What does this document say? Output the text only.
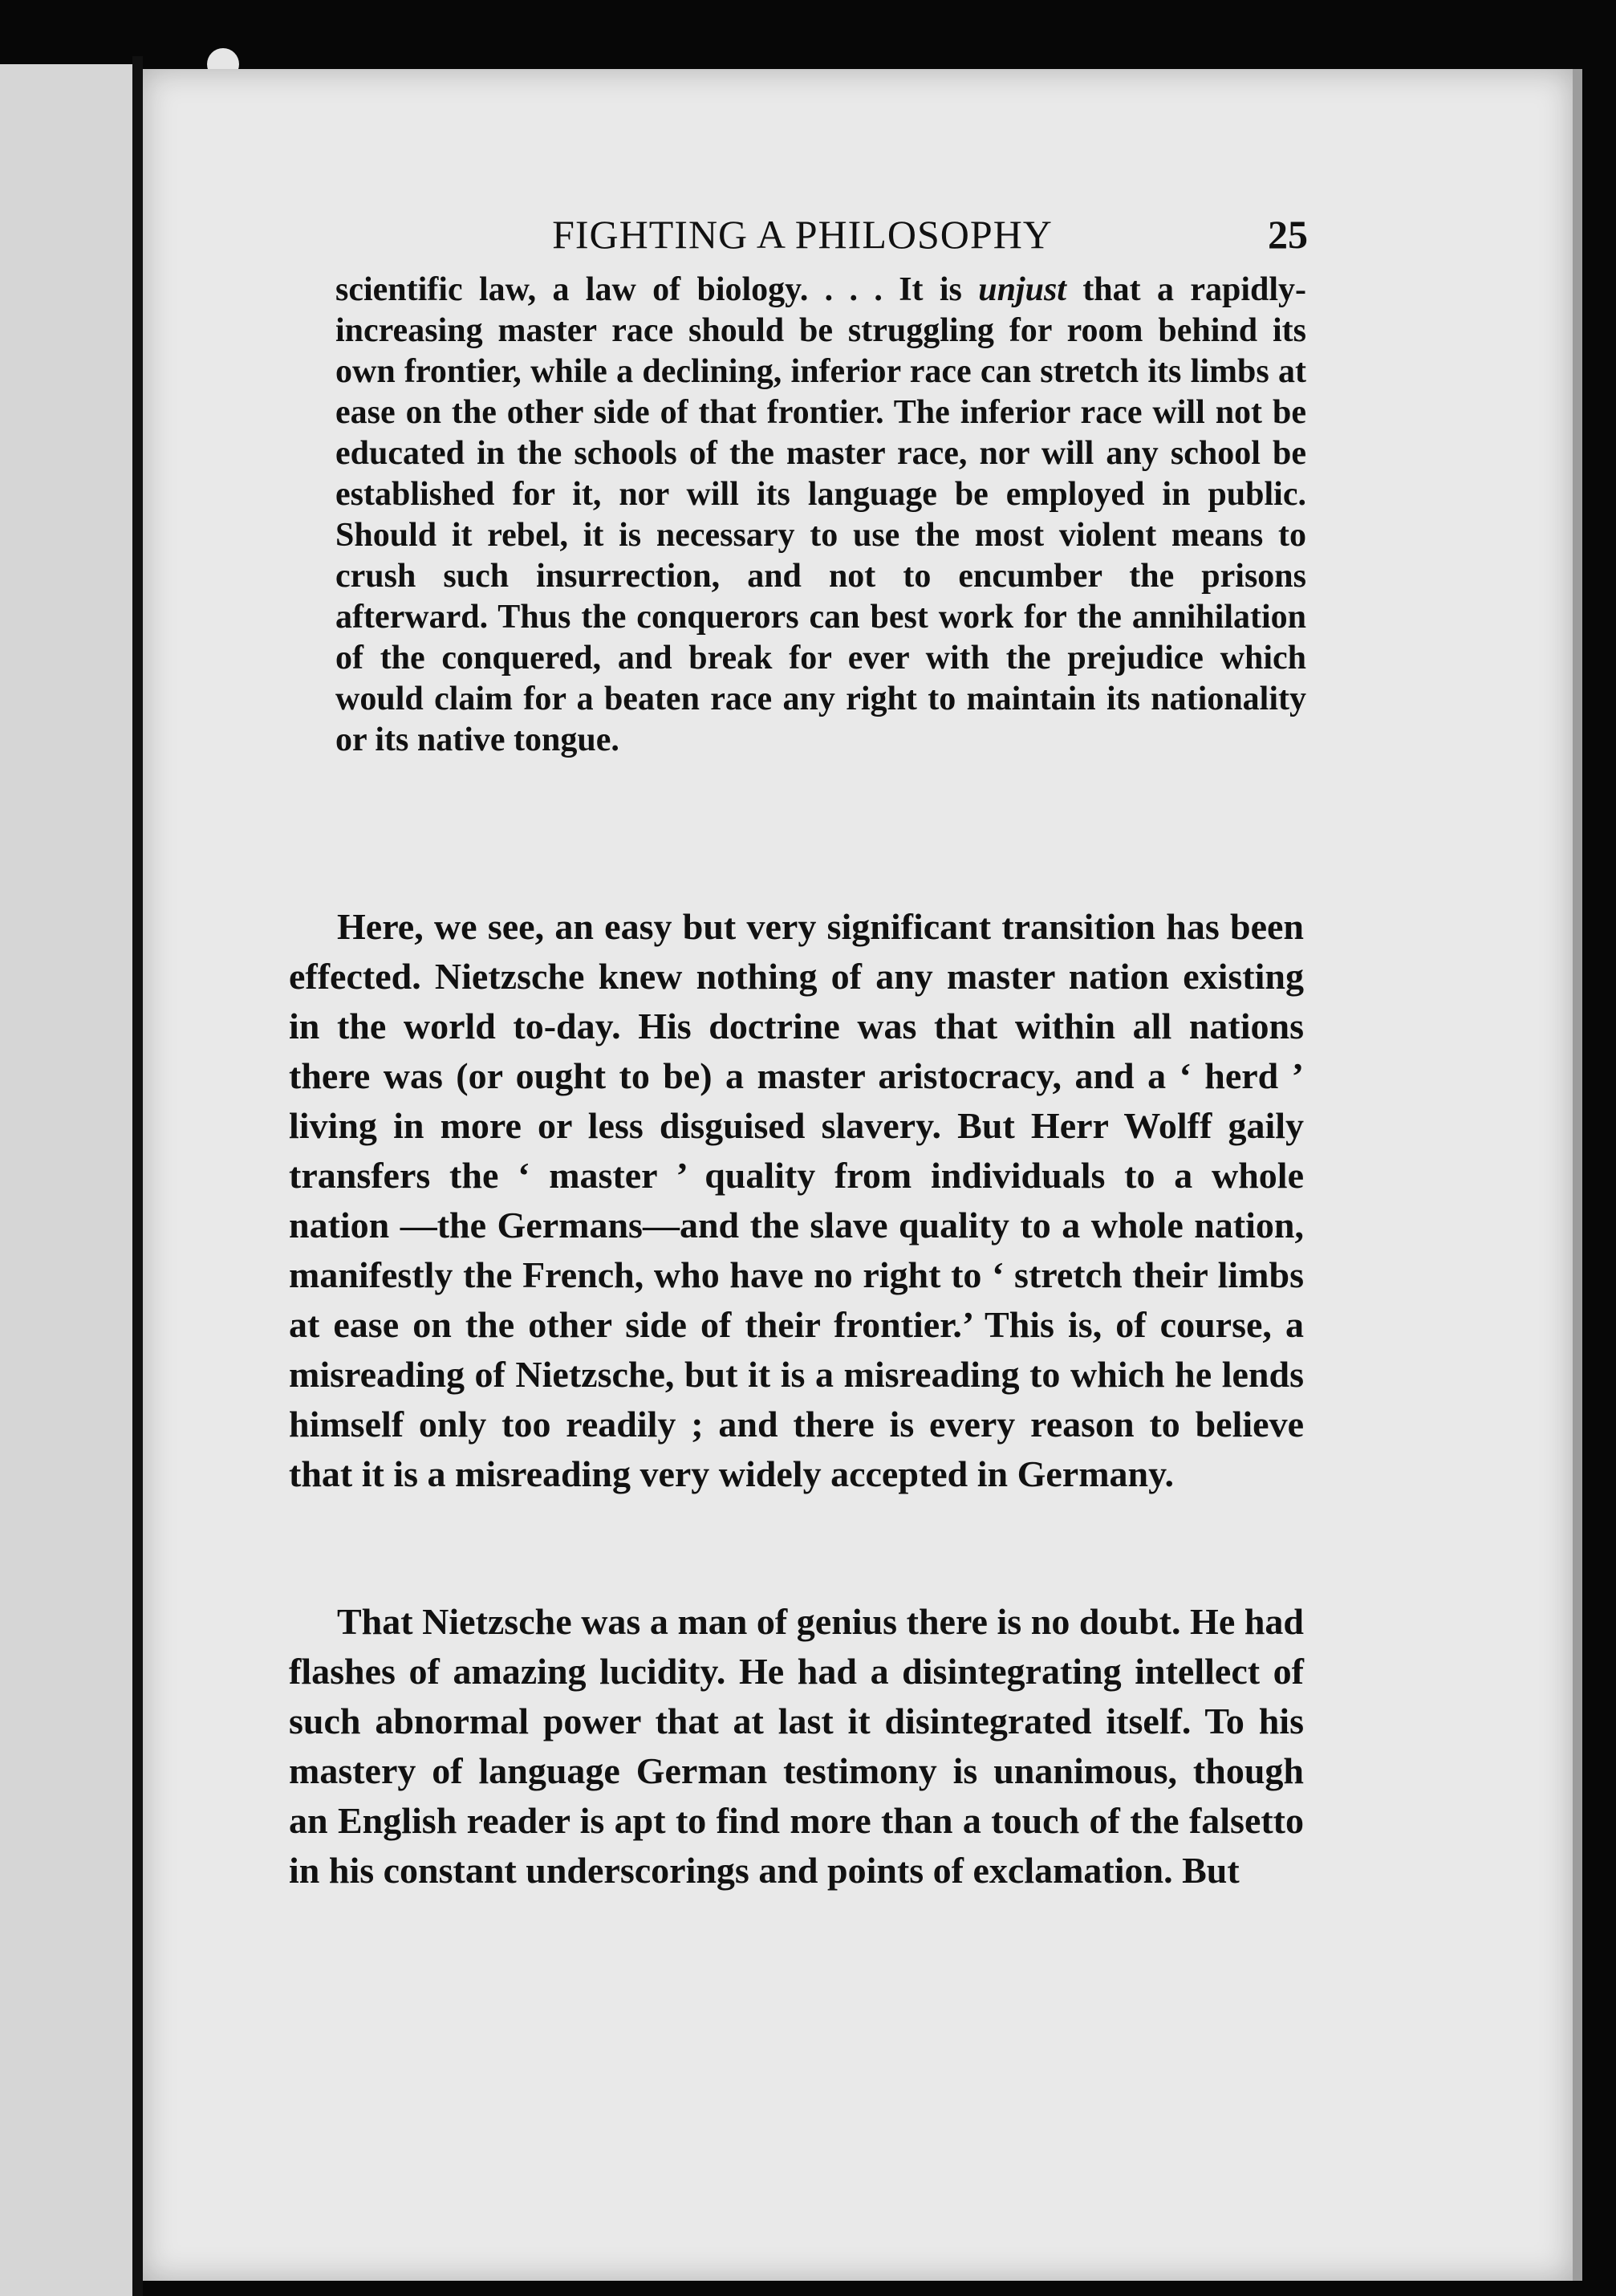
FIGHTING A PHILOSOPHY	25

scientific law, a law of biology. . . . It is unjust that a rapidly-increasing master race should be struggling for room behind its own frontier, while a declining, inferior race can stretch its limbs at ease on the other side of that frontier. The inferior race will not be educated in the schools of the master race, nor will any school be established for it, nor will its language be employed in public. Should it rebel, it is necessary to use the most violent means to crush such insurrection, and not to encumber the prisons afterward. Thus the conquerors can best work for the annihilation of the conquered, and break for ever with the prejudice which would claim for a beaten race any right to maintain its nationality or its native tongue.

Here, we see, an easy but very significant transition has been effected. Nietzsche knew nothing of any master nation existing in the world to-day. His doctrine was that within all nations there was (or ought to be) a master aristocracy, and a ‘ herd ’ living in more or less disguised slavery. But Herr Wolff gaily transfers the ‘ master ’ quality from individuals to a whole nation —the Germans—and the slave quality to a whole nation, manifestly the French, who have no right to ‘ stretch their limbs at ease on the other side of their frontier.’ This is, of course, a misreading of Nietzsche, but it is a misreading to which he lends himself only too readily ; and there is every reason to believe that it is a misreading very widely accepted in Germany.

That Nietzsche was a man of genius there is no doubt. He had flashes of amazing lucidity. He had a disintegrating intellect of such abnormal power that at last it disintegrated itself. To his mastery of language German testimony is unanimous, though an English reader is apt to find more than a touch of the falsetto in his constant underscorings and points of exclamation. But
